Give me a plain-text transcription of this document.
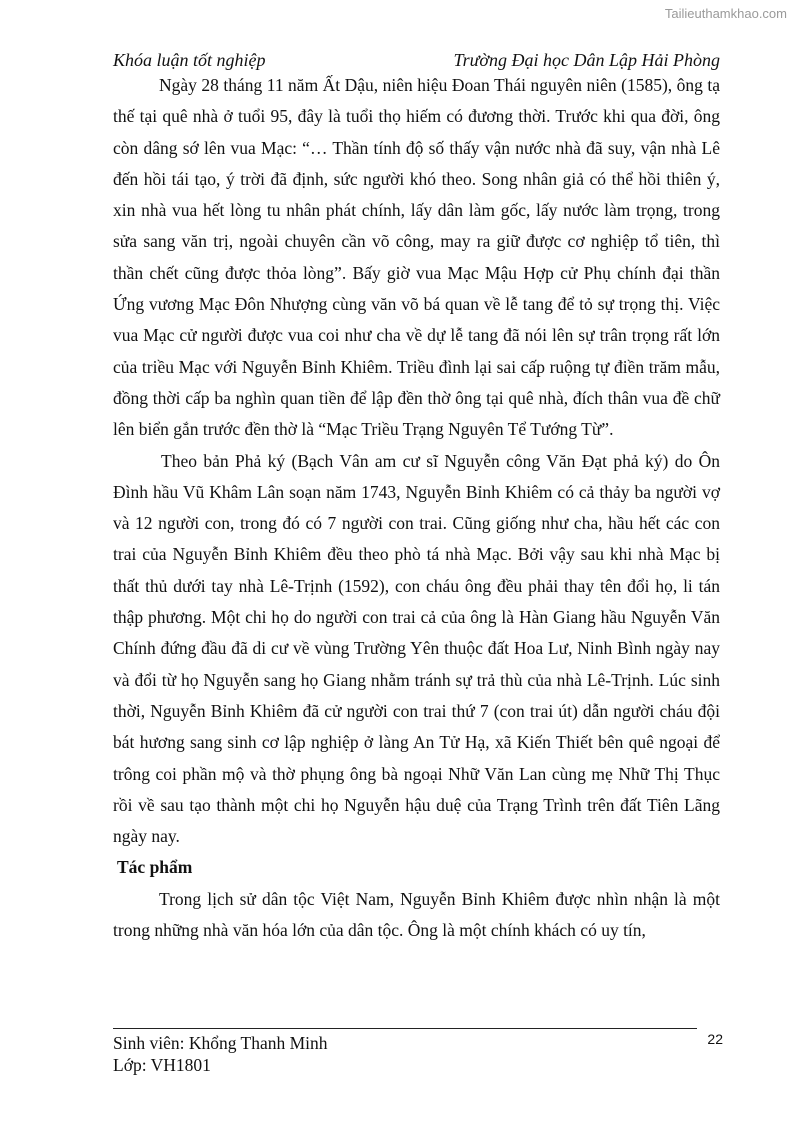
Tailieuthamkhao.com
Khóa luận tốt nghiệp	Trường Đại học Dân Lập Hải Phòng

Ngày 28 tháng 11 năm Ất Dậu, niên hiệu Đoan Thái nguyên niên (1585), ông tạ thế tại quê nhà ở tuổi 95, đây là tuổi thọ hiếm có đương thời. Trước khi qua đời, ông còn dâng sớ lên vua Mạc: “… Thần tính độ số thấy vận nước nhà đã suy, vận nhà Lê đến hồi tái tạo, ý trời đã định, sức người khó theo. Song nhân giả có thể hồi thiên ý, xin nhà vua hết lòng tu nhân phát chính, lấy dân làm gốc, lấy nước làm trọng, trong sửa sang văn trị, ngoài chuyên cần võ công, may ra giữ được cơ nghiệp tổ tiên, thì thần chết cũng được thỏa lòng”. Bấy giờ vua Mạc Mậu Hợp cử Phụ chính đại thần Ứng vương Mạc Đôn Nhượng cùng văn võ bá quan về lễ tang để tỏ sự trọng thị. Việc vua Mạc cử người được vua coi như cha về dự lễ tang đã nói lên sự trân trọng rất lớn của triều Mạc với Nguyễn Bỉnh Khiêm. Triều đình lại sai cấp ruộng tự điền trăm mẫu, đồng thời cấp ba nghìn quan tiền để lập đền thờ ông tại quê nhà, đích thân vua đề chữ lên biển gắn trước đền thờ là “Mạc Triều Trạng Nguyên Tể Tướng Từ”.

Theo bản Phả ký (Bạch Vân am cư sĩ Nguyễn công Văn Đạt phả ký) do Ôn Đình hầu Vũ Khâm Lân soạn năm 1743, Nguyễn Bỉnh Khiêm có cả thảy ba người vợ và 12 người con, trong đó có 7 người con trai. Cũng giống như cha, hầu hết các con trai của Nguyễn Bỉnh Khiêm đều theo phò tá nhà Mạc. Bởi vậy sau khi nhà Mạc bị thất thủ dưới tay nhà Lê-Trịnh (1592), con cháu ông đều phải thay tên đổi họ, li tán thập phương. Một chi họ do người con trai cả của ông là Hàn Giang hầu Nguyễn Văn Chính đứng đầu đã di cư về vùng Trường Yên thuộc đất Hoa Lư, Ninh Bình ngày nay và đổi từ họ Nguyễn sang họ Giang nhằm tránh sự trả thù của nhà Lê-Trịnh. Lúc sinh thời, Nguyễn Bỉnh Khiêm đã cử người con trai thứ 7 (con trai út) dẫn người cháu đội bát hương sang sinh cơ lập nghiệp ở làng An Tử Hạ, xã Kiến Thiết bên quê ngoại để trông coi phần mộ và thờ phụng ông bà ngoại Nhữ Văn Lan cùng mẹ Nhữ Thị Thục rồi về sau tạo thành một chi họ Nguyễn hậu duệ của Trạng Trình trên đất Tiên Lãng ngày nay.

Tác phẩm

Trong lịch sử dân tộc Việt Nam, Nguyễn Bỉnh Khiêm được nhìn nhận là một trong những nhà văn hóa lớn của dân tộc. Ông là một chính khách có uy tín,

Sinh viên: Khổng Thanh Minh
Lớp: VH1801
22
